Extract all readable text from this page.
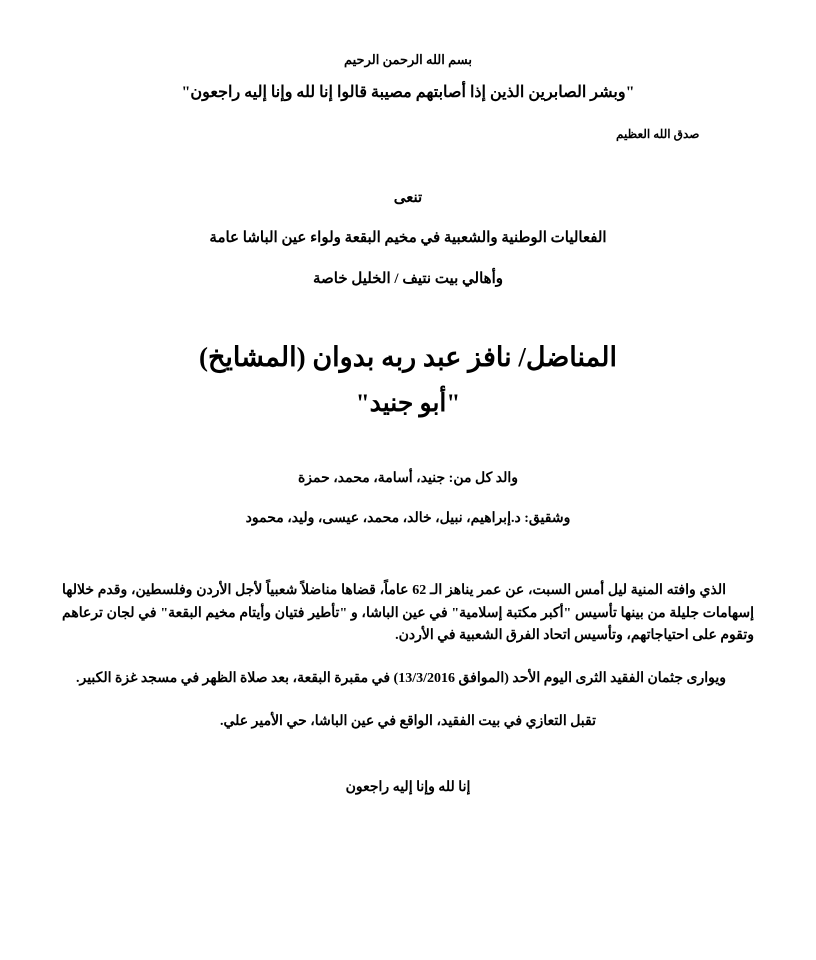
بسم الله الرحمن الرحيم
"وبشر الصابرين الذين إذا أصابتهم مصيبة قالوا إنا لله وإنا إليه راجعون"
صدق الله العظيم
تنعى
الفعاليات الوطنية والشعبية في مخيم البقعة ولواء عين الباشا عامة
وأهالي بيت نتيف / الخليل خاصة
المناضل/ نافز عبد ربه بدوان (المشايخ)
"أبو جنيد"
والد كل من: جنيد، أسامة، محمد، حمزة
وشقيق: د.إبراهيم، نبيل، خالد، محمد، عيسى، وليد، محمود

الذي وافته المنية ليل أمس السبت، عن عمر يناهز الـ 62 عاماً، قضاها مناضلاً شعبياً لأجل الأردن وفلسطين، وقدم خلالها إسهامات جليلة من بينها تأسيس "أكبر مكتبة إسلامية" في عين الباشا، و "تأطير فتيان وأيتام مخيم البقعة" في لجان ترعاهم وتقوم على احتياجاتهم، وتأسيس اتحاد الفرق الشعبية في الأردن.

ويوارى جثمان الفقيد الثرى اليوم الأحد (الموافق 13/3/2016) في مقبرة البقعة، بعد صلاة الظهر في مسجد غزة الكبير.

تقبل التعازي في بيت الفقيد، الواقع في عين الباشا، حي الأمير علي.

إنا لله وإنا إليه راجعون
